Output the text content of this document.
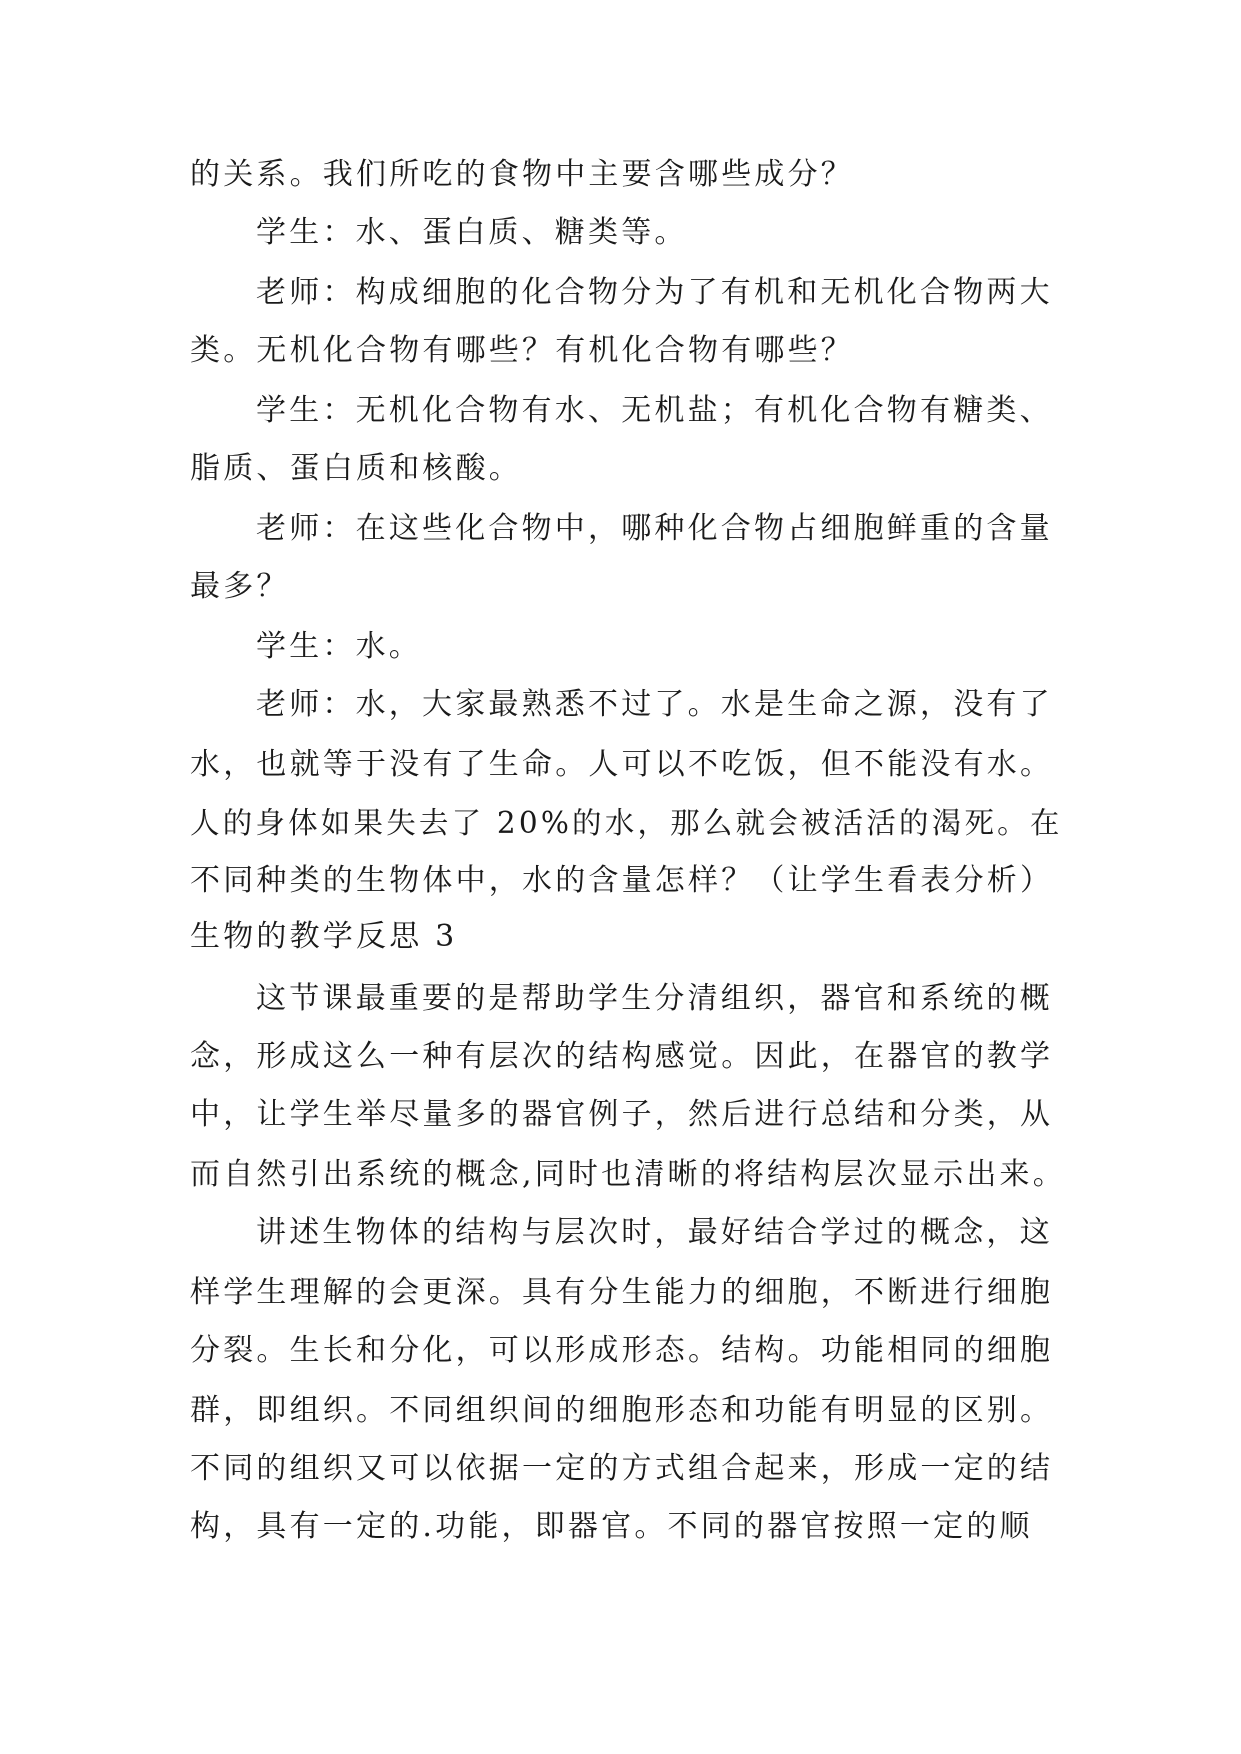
的关系。我们所吃的食物中主要含哪些成分？
学生：水、蛋白质、糖类等。
老师：构成细胞的化合物分为了有机和无机化合物两大
类。无机化合物有哪些？有机化合物有哪些？
学生：无机化合物有水、无机盐；有机化合物有糖类、
脂质、蛋白质和核酸。
老师：在这些化合物中，哪种化合物占细胞鲜重的含量
最多？
学生：水。
老师：水，大家最熟悉不过了。水是生命之源，没有了
水，也就等于没有了生命。人可以不吃饭，但不能没有水。
人的身体如果失去了 20%的水，那么就会被活活的渴死。在
不同种类的生物体中，水的含量怎样？（让学生看表分析）
生物的教学反思 3
这节课最重要的是帮助学生分清组织，器官和系统的概
念，形成这么一种有层次的结构感觉。因此，在器官的教学
中，让学生举尽量多的器官例子，然后进行总结和分类，从
而自然引出系统的概念,同时也清晰的将结构层次显示出来。
讲述生物体的结构与层次时，最好结合学过的概念，这
样学生理解的会更深。具有分生能力的细胞，不断进行细胞
分裂。生长和分化，可以形成形态。结构。功能相同的细胞
群，即组织。不同组织间的细胞形态和功能有明显的区别。
不同的组织又可以依据一定的方式组合起来，形成一定的结
构，具有一定的.功能，即器官。不同的器官按照一定的顺
